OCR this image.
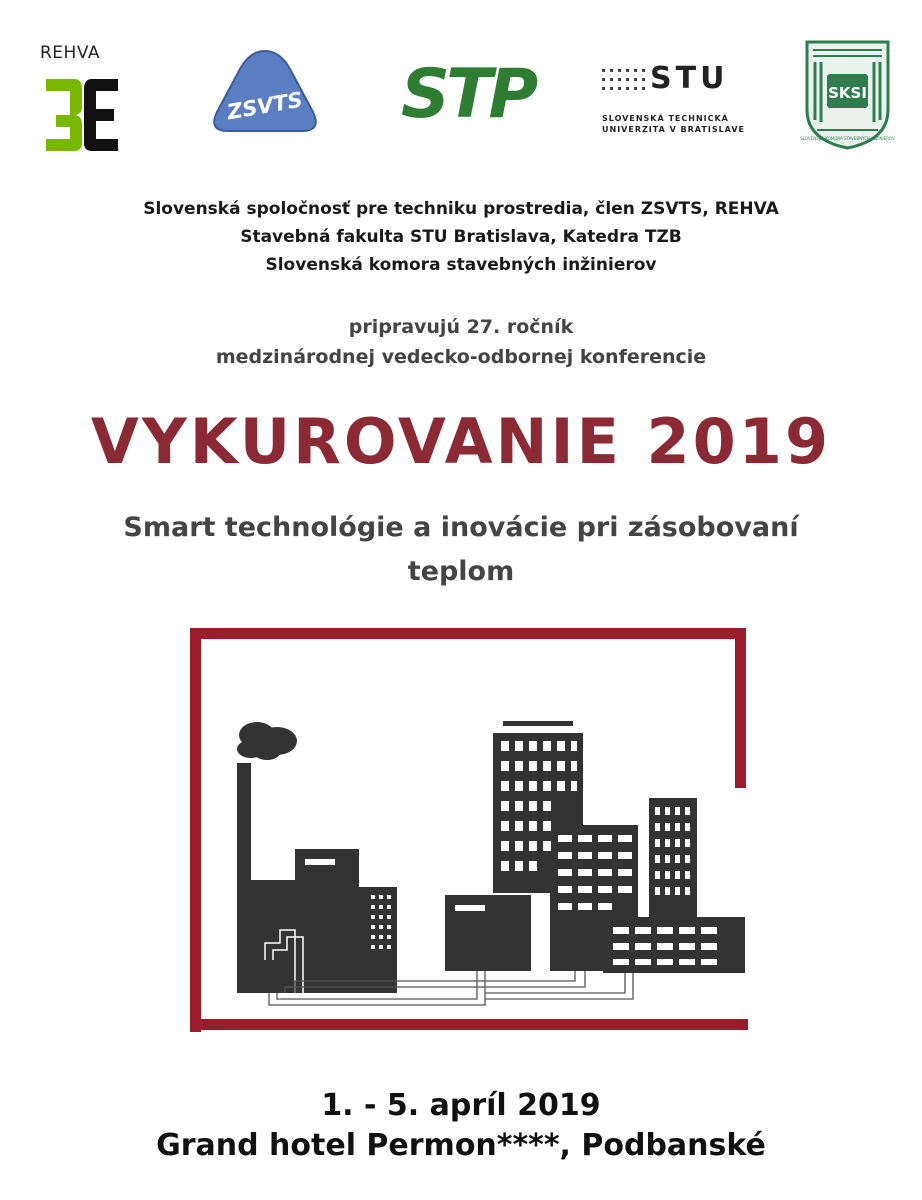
REHVA
ZSVTS STP	STU
SLOVENSKÁ TECHNICKÁ
UNIVERZITA V BRATISLAVE
SKSI
SLOVENSKÁ KOMORA STAVEBNÝCH INŽINIEROV
Slovenská spoločnosť pre techniku prostredia, člen ZSVTS, REHVA
Stavebná fakulta STU Bratislava, Katedra TZB
Slovenská komora stavebných inžinierov
pripravujú 27. ročník
medzinárodnej vedecko-odbornej konferencie
VYKUROVANIE 2019
Smart technológie a inovácie pri zásobovaní
teplom
1. - 5. apríl 2019
Grand hotel Permon****, Podbanské
